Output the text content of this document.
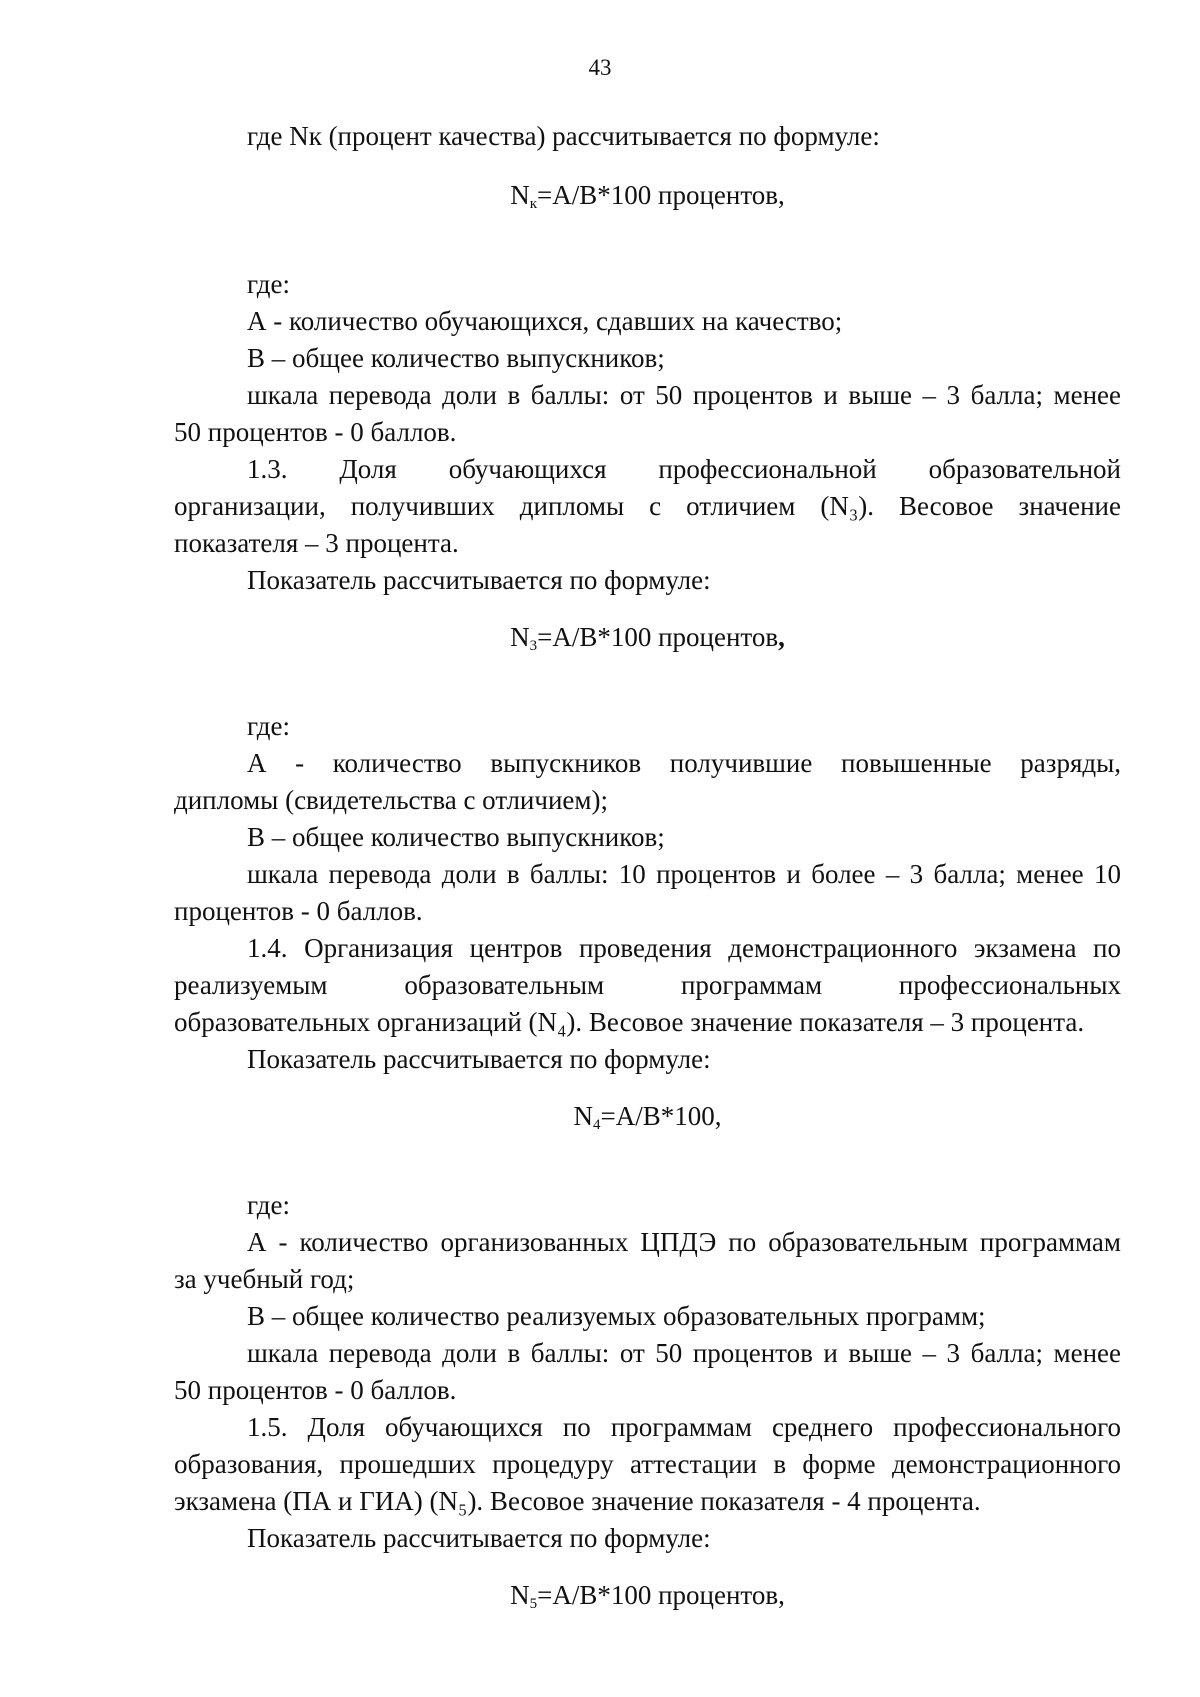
43
где Nк (процент качества) рассчитывается по формуле:
$N_к=А/В*100$ процентов,
где:
А - количество обучающихся, сдавших на качество;
В – общее количество выпускников;
шкала перевода доли в баллы: от 50 процентов и выше – 3 балла; менее
50 процентов - 0 баллов.
1.3. Доля обучающихся профессиональной образовательной
организации, получивших дипломы с отличием (N₃). Весовое значение
показателя – 3 процента.
Показатель рассчитывается по формуле:
$N_3=А/В*100$ процентов,
где:
А - количество выпускников получившие повышенные разряды,
дипломы (свидетельства с отличием);
В – общее количество выпускников;
шкала перевода доли в баллы: 10 процентов и более – 3 балла; менее 10
процентов - 0 баллов.
1.4. Организация центров проведения демонстрационного экзамена по
реализуемым образовательным программам профессиональных
образовательных организаций (N₄). Весовое значение показателя – 3 процента.
Показатель рассчитывается по формуле:
$N_4=А/В*100$,
где:
А - количество организованных ЦПДЭ по образовательным программам
за учебный год;
В – общее количество реализуемых образовательных программ;
шкала перевода доли в баллы: от 50 процентов и выше – 3 балла; менее
50 процентов - 0 баллов.
1.5. Доля обучающихся по программам среднего профессионального
образования, прошедших процедуру аттестации в форме демонстрационного
экзамена (ПА и ГИА) (N₅). Весовое значение показателя - 4 процента.
Показатель рассчитывается по формуле:
$N_5=А/В*100$ процентов,
